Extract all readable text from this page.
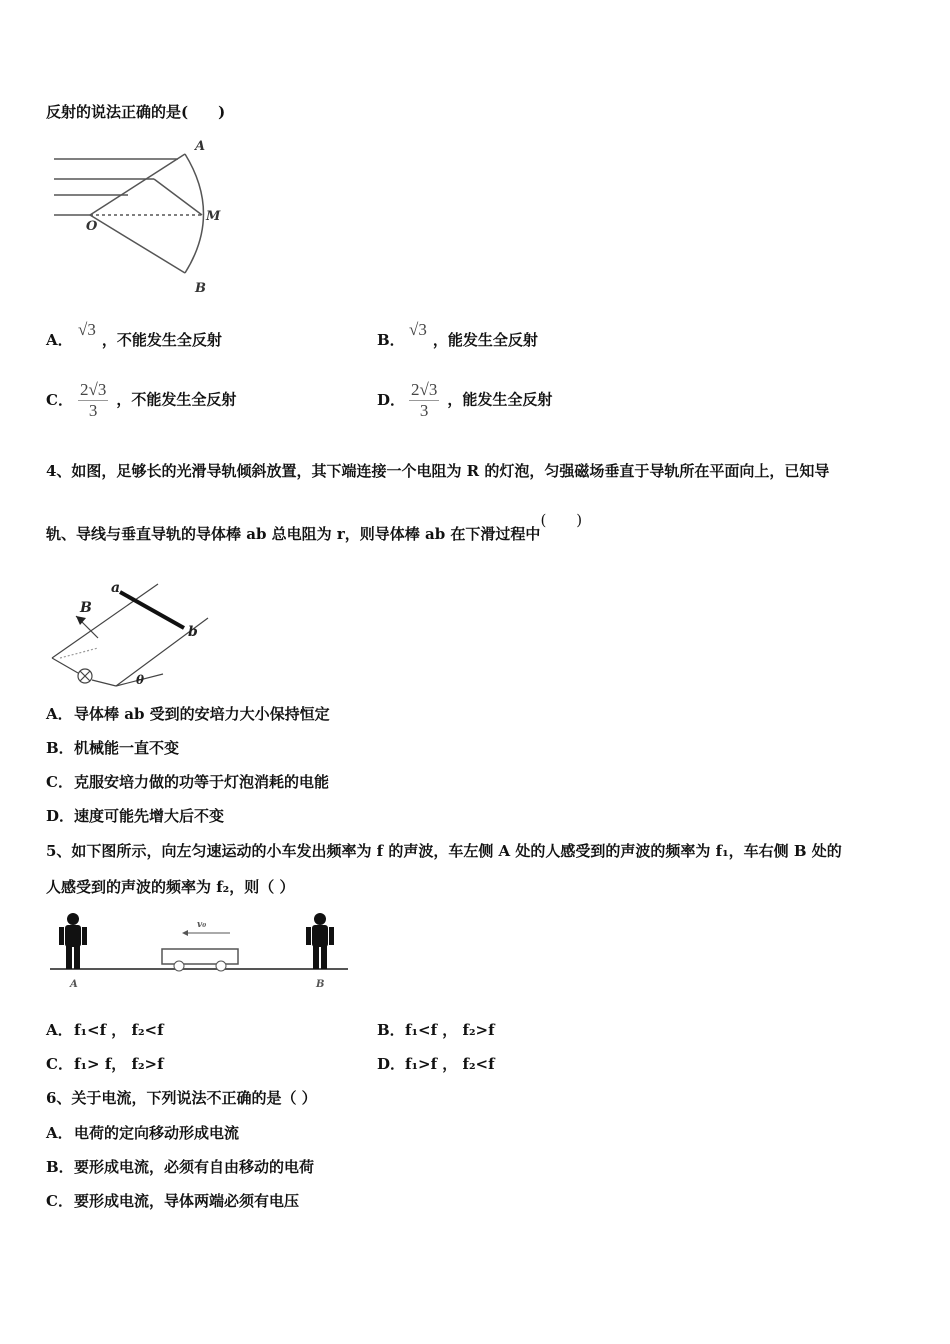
反射的说法正确的是(　　)
A
M
O
B
A．√3，不能发生全反射	B．√3，能发生全反射
C． $\frac{2√3}{3}$ ，不能发生全反射	D． $\frac{2√3}{3}$ ，能发生全反射
4、如图，足够长的光滑导轨倾斜放置，其下端连接一个电阻为 R 的灯泡，匀强磁场垂直于导轨所在平面向上，已知导
轨、导线与垂直导轨的导体棒 ab 总电阻为 r，则导体棒 ab 在下滑过程中(　　)
a
b
B
θ
A．导体棒 ab 受到的安培力大小保持恒定
B．机械能一直不变
C．克服安培力做的功等于灯泡消耗的电能
D．速度可能先增大后不变
5、如下图所示，向左匀速运动的小车发出频率为 f 的声波，车左侧 A 处的人感受到的声波的频率为 f₁，车右侧 B 处的
人感受到的声波的频率为 f₂，则（ ）
v₀
A	B
A．f₁<f ， f₂<f	B．f₁<f ， f₂>f
C．f₁> f， f₂>f	D．f₁>f ， f₂<f
6、关于电流，下列说法不正确的是（ ）
A．电荷的定向移动形成电流
B．要形成电流，必须有自由移动的电荷
C．要形成电流，导体两端必须有电压
